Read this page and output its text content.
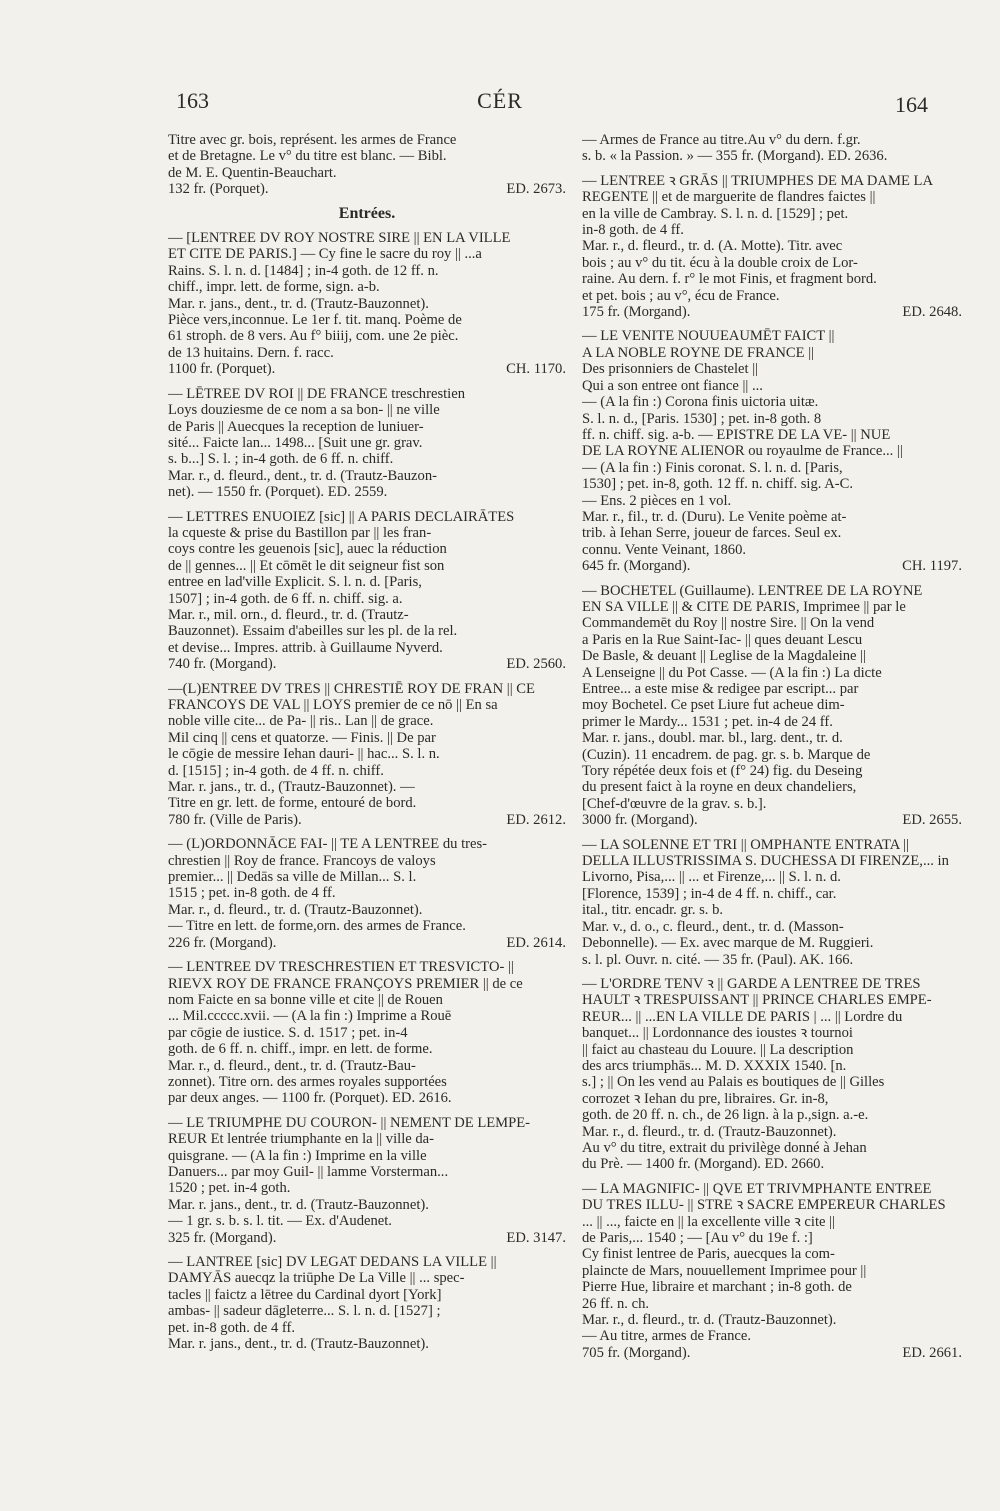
163	CÉR	164
Titre avec gr. bois, représent. les armes de France
et de Bretagne. Le v° du titre est blanc. — Bibl.
de M. E. Quentin-Beauchart.
132 fr. (Porquet).	ED. 2673.
Entrées.
— [LENTREE DV ROY NOSTRE SIRE || EN LA VILLE
ET CITE DE PARIS.] — Cy fine le sacre du roy || ...a
Rains. S. l. n. d. [1484] ; in-4 goth. de 12 ff. n.
chiff., impr. lett. de forme, sign. a-b.
Mar. r. jans., dent., tr. d. (Trautz-Bauzonnet).
Pièce vers,inconnue. Le 1er f. tit. manq. Poème de
61 stroph. de 8 vers. Au f° biiij, com. une 2e pièc.
de 13 huitains. Dern. f. racc.
1100 fr. (Porquet).	CH. 1170.
— LĒTREE DV ROI || DE FRANCE treschrestien
Loys douziesme de ce nom a sa bon- || ne ville
de Paris || Auecques la reception de luniuer-
sité... Faicte lan... 1498... [Suit une gr. grav.
s. b...] S. l. ; in-4 goth. de 6 ff. n. chiff.
Mar. r., d. fleurd., dent., tr. d. (Trautz-Bauzon-
net). — 1550 fr. (Porquet). ED. 2559.
— LETTRES ENUOIEZ [sic] || A PARIS DECLAIRĀTES
la cqueste & prise du Bastillon par || les fran-
coys contre les geuenois [sic], auec la réduction
de || gennes... || Et cōmēt le dit seigneur fist son
entree en lad'ville Explicit. S. l. n. d. [Paris,
1507] ; in-4 goth. de 6 ff. n. chiff. sig. a.
Mar. r., mil. orn., d. fleurd., tr. d. (Trautz-
Bauzonnet). Essaim d'abeilles sur les pl. de la rel.
et devise... Impres. attrib. à Guillaume Nyverd.
740 fr. (Morgand).	ED. 2560.
—(L)ENTREE DV TRES || CHRESTIĒ ROY DE FRAN || CE
FRANCOYS DE VAL || LOYS premier de ce nō || En sa
noble ville cite... de Pa- || ris.. Lan || de grace.
Mil cinq || cens et quatorze. — Finis. || De par
le cōgie de messire Iehan dauri- || hac... S. l. n.
d. [1515] ; in-4 goth. de 4 ff. n. chiff.
Mar. r. jans., tr. d., (Trautz-Bauzonnet). —
Titre en gr. lett. de forme, entouré de bord.
780 fr. (Ville de Paris).	ED. 2612.
— (L)ORDONNĀCE FAI- || TE A LENTREE du tres-
chrestien || Roy de france. Francoys de valoys
premier... || Dedās sa ville de Millan... S. l.
1515 ; pet. in-8 goth. de 4 ff.
Mar. r., d. fleurd., tr. d. (Trautz-Bauzonnet).
— Titre en lett. de forme,orn. des armes de France.
226 fr. (Morgand).	ED. 2614.
— LENTREE DV TRESCHRESTIEN ET TRESVICTO- ||
RIEVX ROY DE FRANCE FRANÇOYS PREMIER || de ce
nom Faicte en sa bonne ville et cite || de Rouen
... Mil.ccccc.xvii. — (A la fin :) Imprime a Rouē
par cōgie de iustice. S. d. 1517 ; pet. in-4
goth. de 6 ff. n. chiff., impr. en lett. de forme.
Mar. r., d. fleurd., dent., tr. d. (Trautz-Bau-
zonnet). Titre orn. des armes royales supportées
par deux anges. — 1100 fr. (Porquet). ED. 2616.
— LE TRIUMPHE DU COURON- || NEMENT DE LEMPE-
REUR Et lentrée triumphante en la || ville da-
quisgrane. — (A la fin :) Imprime en la ville
Danuers... par moy Guil- || lamme Vorsterman...
1520 ; pet. in-4 goth.
Mar. r. jans., dent., tr. d. (Trautz-Bauzonnet).
— 1 gr. s. b. s. l. tit. — Ex. d'Audenet.
325 fr. (Morgand).	ED. 3147.
— LANTREE [sic] DV LEGAT DEDANS LA VILLE ||
DAMYĀS auecqz la triūphe De La Ville || ... spec-
tacles || faictz a lētree du Cardinal dyort [York]
ambas- || sadeur dāgleterre... S. l. n. d. [1527] ;
pet. in-8 goth. de 4 ff.
Mar. r. jans., dent., tr. d. (Trautz-Bauzonnet).
— Armes de France au titre.Au v° du dern. f.gr.
s. b. « la Passion. » — 355 fr. (Morgand). ED. 2636.
— LENTREE ꝛ GRĀS || TRIUMPHES DE MA DAME LA
REGENTE || et de marguerite de flandres faictes ||
en la ville de Cambray. S. l. n. d. [1529] ; pet.
in-8 goth. de 4 ff.
Mar. r., d. fleurd., tr. d. (A. Motte). Titr. avec
bois ; au v° du tit. écu à la double croix de Lor-
raine. Au dern. f. r° le mot Finis, et fragment bord.
et pet. bois ; au v°, écu de France.
175 fr. (Morgand).	ED. 2648.
— LE VENITE NOUUEAUMĒT FAICT ||
A LA NOBLE ROYNE DE FRANCE ||
Des prisonniers de Chastelet ||
Qui a son entree ont fiance || ...
— (A la fin :) Corona finis uictoria uitæ.
S. l. n. d., [Paris. 1530] ; pet. in-8 goth. 8
ff. n. chiff. sig. a-b. — EPISTRE DE LA VE- || NUE
DE LA ROYNE ALIENOR ou royaulme de France... ||
— (A la fin :) Finis coronat. S. l. n. d. [Paris,
1530] ; pet. in-8, goth. 12 ff. n. chiff. sig. A-C.
— Ens. 2 pièces en 1 vol.
Mar. r., fil., tr. d. (Duru). Le Venite poème at-
trib. à Iehan Serre, joueur de farces. Seul ex.
connu. Vente Veinant, 1860.
645 fr. (Morgand).	CH. 1197.
— BOCHETEL (Guillaume). LENTREE DE LA ROYNE
EN SA VILLE || & CITE DE PARIS, Imprimee || par le
Commandemēt du Roy || nostre Sire. || On la vend
a Paris en la Rue Saint-Iac- || ques deuant Lescu
De Basle, & deuant || Leglise de la Magdaleine ||
A Lenseigne || du Pot Casse. — (A la fin :) La dicte
Entree... a este mise & redigee par escript... par
moy Bochetel. Ce pset Liure fut acheue dim-
primer le Mardy... 1531 ; pet. in-4 de 24 ff.
Mar. r. jans., doubl. mar. bl., larg. dent., tr. d.
(Cuzin). 11 encadrem. de pag. gr. s. b. Marque de
Tory répétée deux fois et (f° 24) fig. du Deseing
du present faict à la royne en deux chandeliers,
[Chef-d'œuvre de la grav. s. b.].
3000 fr. (Morgand).	ED. 2655.
— LA SOLENNE ET TRI || OMPHANTE ENTRATA ||
DELLA ILLUSTRISSIMA S. DUCHESSA DI FIRENZE,... in
Livorno, Pisa,... || ... et Firenze,... || S. l. n. d.
[Florence, 1539] ; in-4 de 4 ff. n. chiff., car.
ital., titr. encadr. gr. s. b.
Mar. v., d. o., c. fleurd., dent., tr. d. (Masson-
Debonnelle). — Ex. avec marque de M. Ruggieri.
s. l. pl. Ouvr. n. cité. — 35 fr. (Paul). AK. 166.
— L'ORDRE TENV ꝛ || GARDE A LENTREE DE TRES
HAULT ꝛ TRESPUISSANT || PRINCE CHARLES EMPE-
REUR... || ...EN LA VILLE DE PARIS | ... || Lordre du
banquet... || Lordonnance des ioustes ꝛ tournoi
|| faict au chasteau du Louure. || La description
des arcs triumphās... M. D. XXXIX 1540. [n.
s.] ; || On les vend au Palais es boutiques de || Gilles
corrozet ꝛ Iehan du pre, libraires. Gr. in-8,
goth. de 20 ff. n. ch., de 26 lign. à la p.,sign. a.-e.
Mar. r., d. fleurd., tr. d. (Trautz-Bauzonnet).
Au v° du titre, extrait du privilège donné à Jehan
du Prè. — 1400 fr. (Morgand). ED. 2660.
— LA MAGNIFIC- || QVE ET TRIVMPHANTE ENTREE
DU TRES ILLU- || STRE ꝛ SACRE EMPEREUR CHARLES
... || ..., faicte en || la excellente ville ꝛ cite ||
de Paris,... 1540 ; — [Au v° du 19e f. :]
Cy finist lentree de Paris, auecques la com-
plaincte de Mars, nouuellement Imprimee pour ||
Pierre Hue, libraire et marchant ; in-8 goth. de
26 ff. n. ch.
Mar. r., d. fleurd., tr. d. (Trautz-Bauzonnet).
— Au titre, armes de France.
705 fr. (Morgand).	ED. 2661.
